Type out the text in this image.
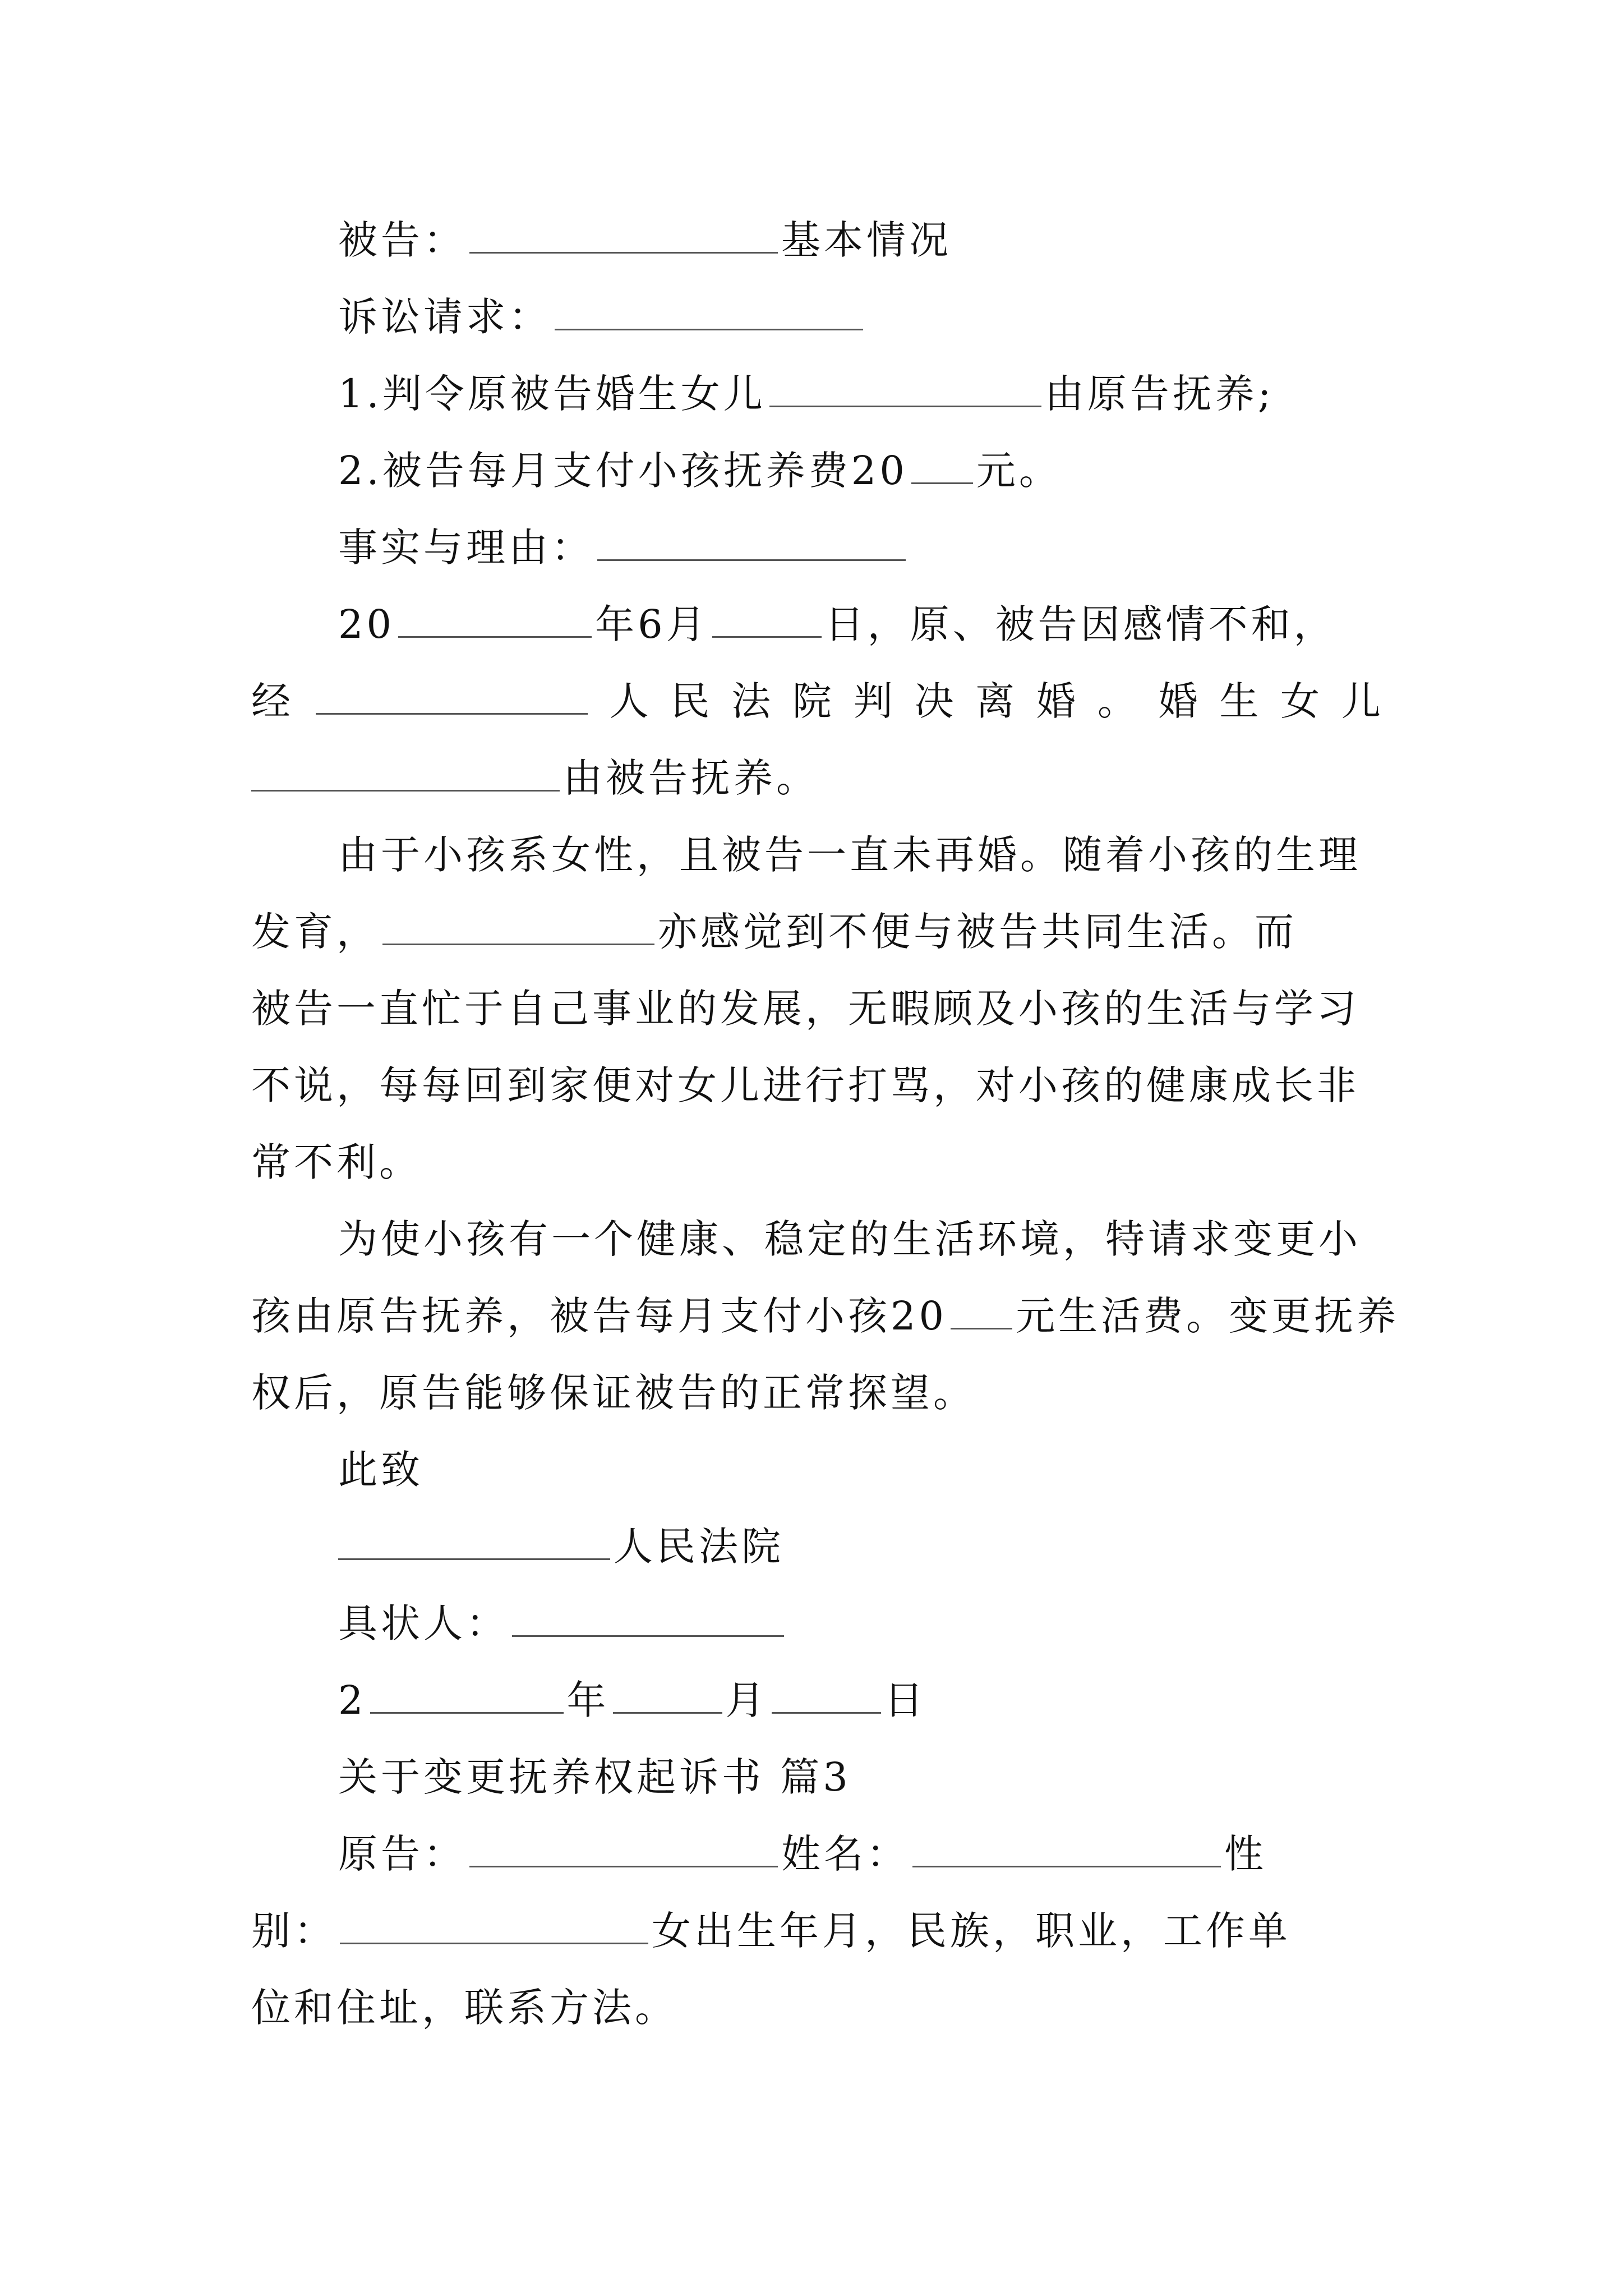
被告：	基本情况
诉讼请求：
1.判令原被告婚生女儿	由原告抚养;
2.被告每月支付小孩抚养费20 元。
事实与理由：
20	年6月	日，原、被告因感情不和，
经	人 民 法 院 判 决 离 婚 。 婚 生 女 儿
由被告抚养。
由于小孩系女性，且被告一直未再婚。随着小孩的生理
发育，	亦感觉到不便与被告共同生活。而
被告一直忙于自己事业的发展，无暇顾及小孩的生活与学习
不说，每每回到家便对女儿进行打骂，对小孩的健康成长非
常不利。
为使小孩有一个健康、稳定的生活环境，特请求变更小
孩由原告抚养，被告每月支付小孩20 元生活费。变更抚养
权后，原告能够保证被告的正常探望。
此致
人民法院
具状人：
2	年	月	日
关于变更抚养权起诉书 篇3
原告：	姓名：	性
别：	女出生年月，民族，职业，工作单
位和住址，联系方法。
